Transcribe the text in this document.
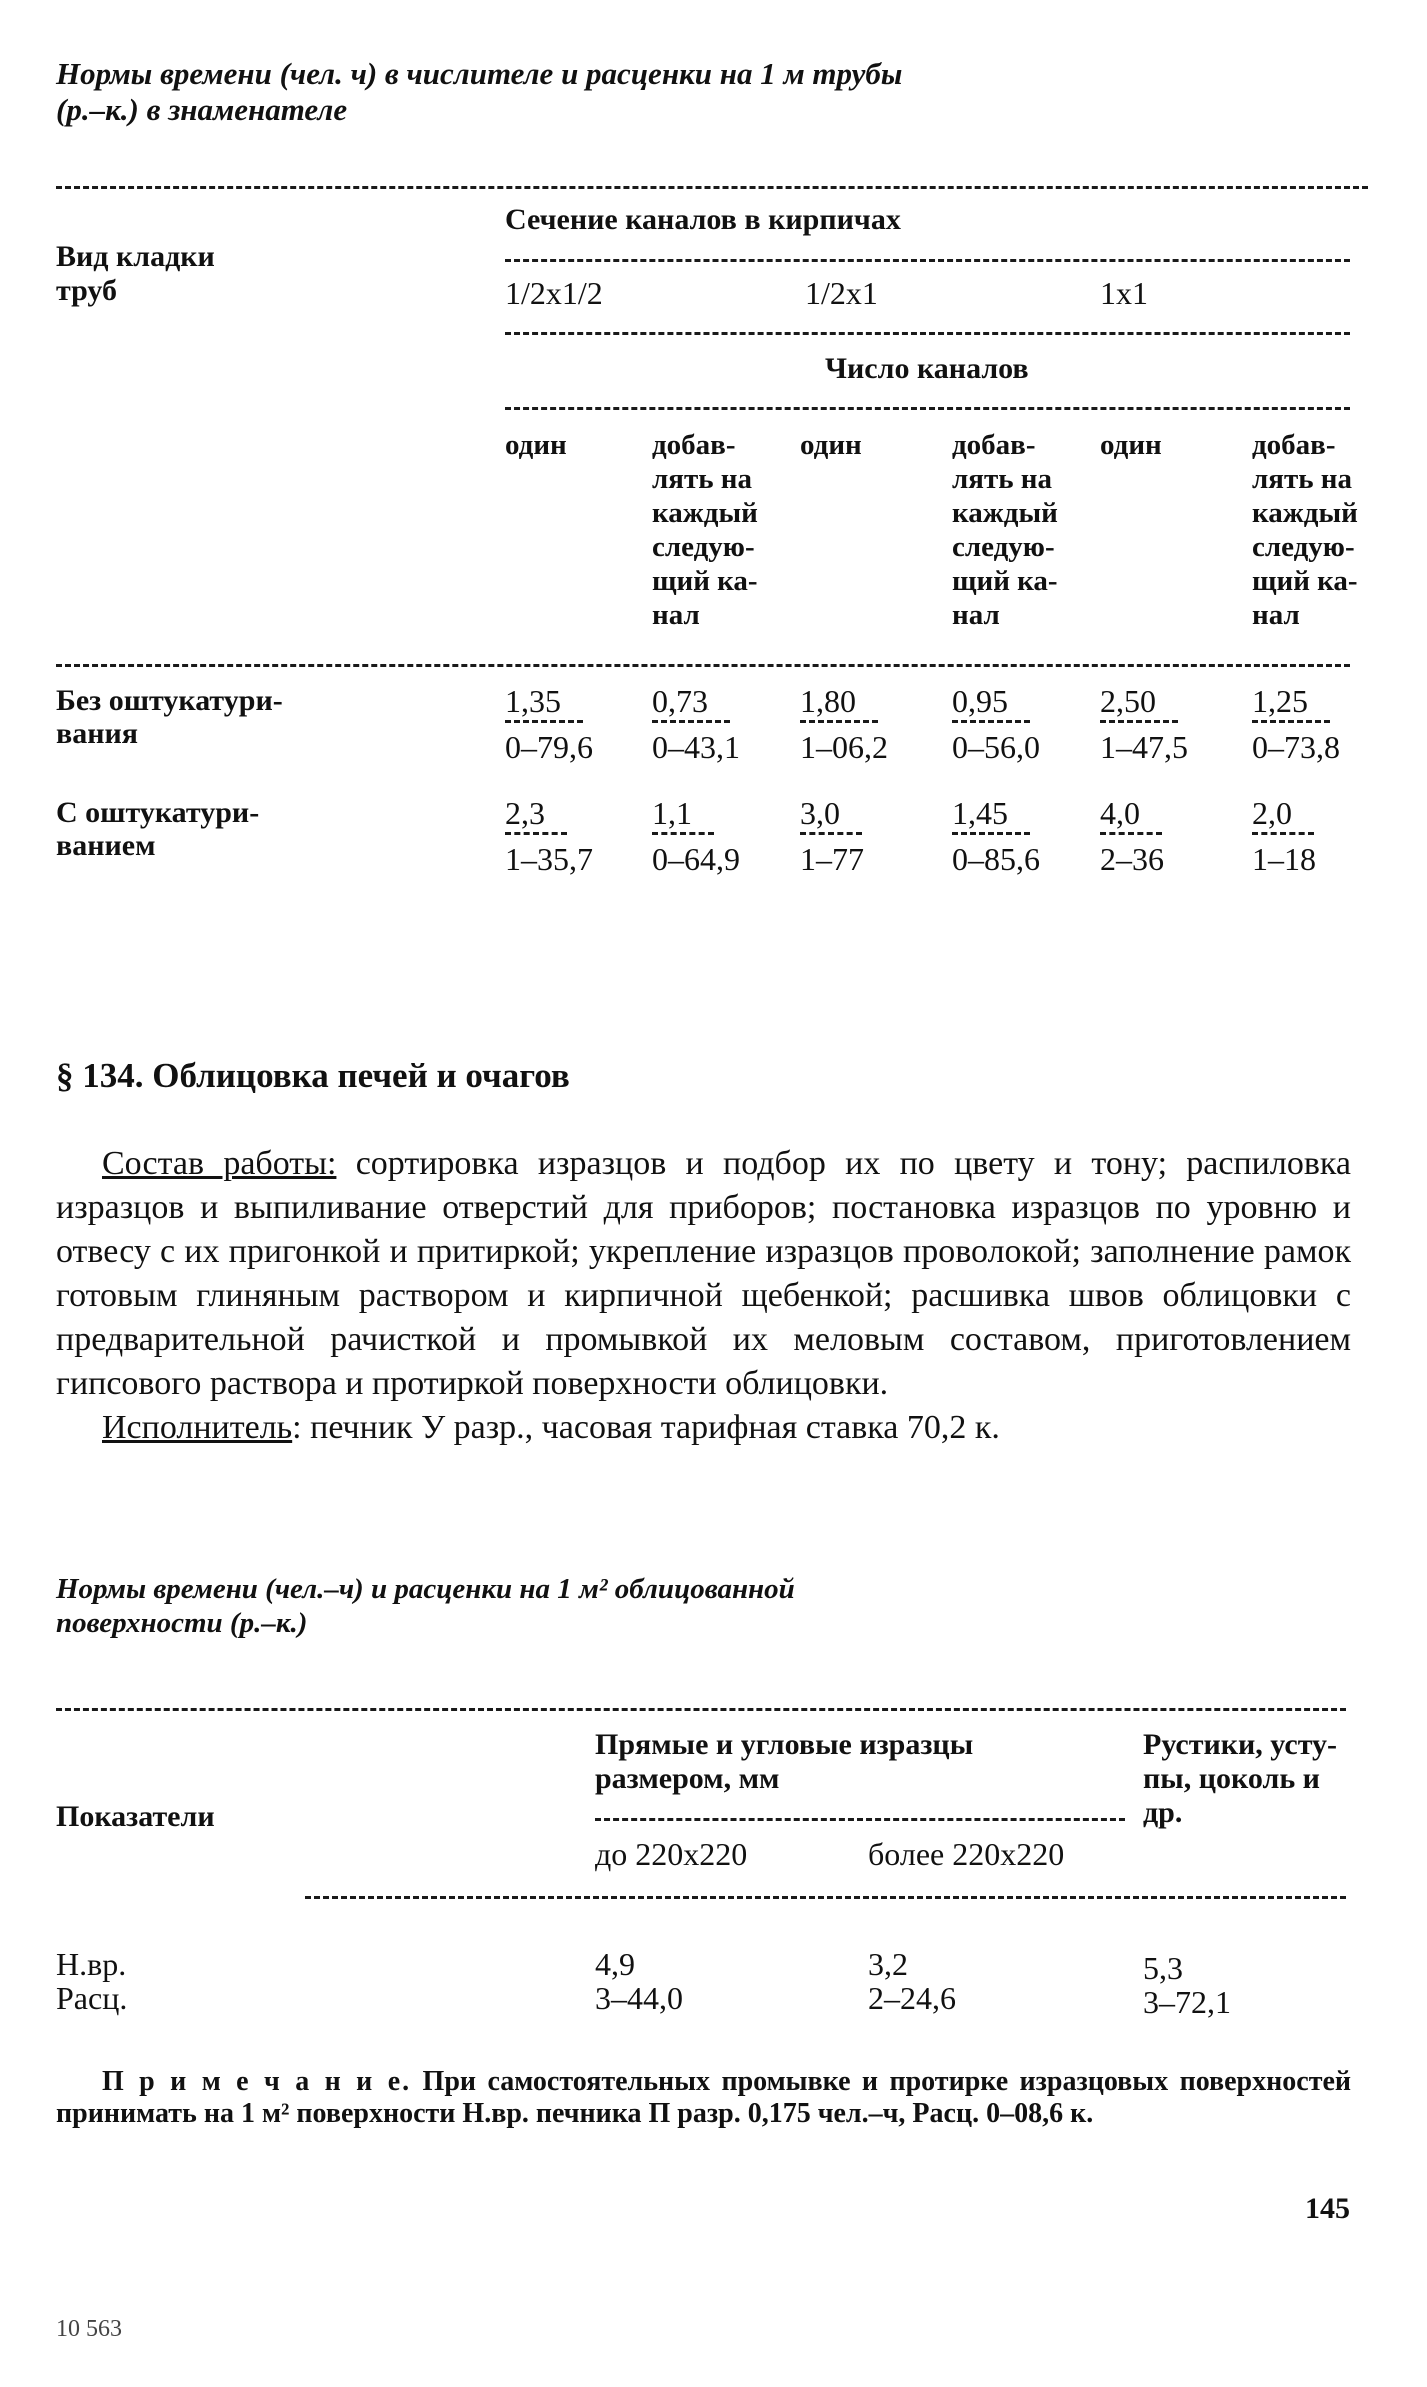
Нормы времени (чел. ч) в числителе и расценки на 1 м трубы
(р.–к.) в знаменателе
Вид кладки
труб
Сечение каналов в кирпичах
1/2x1/2	1/2x1	1x1
Число каналов
один	добав-
лять на
каждый
следую-
щий ка-
нал
один	добав-
лять на
каждый
следую-
щий ка-
нал
один	добав-
лять на
каждый
следую-
щий ка-
нал
Без оштукатури-
вания	$\frac{1,35}{0-79,6} \frac{0,73}{0-43,1} \frac{1,80}{1-06,2} \frac{0,95}{0-56,0} \frac{2,50}{1-47,5} \frac{1,25}{0-73,8}$
С оштукатури-
ванием	$\frac{2,3}{1-35,7} \frac{1,1}{0-64,9} \frac{3,0}{1-77} \frac{1,45}{0-85,6} \frac{4,0}{2-36} \frac{2,0}{1-18}$
§ 134. Облицовка печей и очагов

Состав работы: сортировка изразцов и подбор их по цвету и тону; распиловка изразцов и выпиливание отверстий для приборов; постановка изразцов по уровню и отвесу с их пригонкой и притиркой; укрепление изразцов проволокой; заполнение рамок готовым глиняным раствором и кирпичной щебенкой; расшивка швов облицовки с предварительной рачисткой и промывкой их меловым составом, приготовлением гипсового раствора и протиркой поверхности облицовки.

Исполнитель: печник У разр., часовая тарифная ставка 70,2 к.

Нормы времени (чел.–ч) и расценки на 1 м² облицованной
поверхности (р.–к.)
Показатели
Прямые и угловые изразцы
размером, мм
до 220x220	более 220x220
Рустики, усту-
пы, цоколь и
др.
Н.вр.	4,9	3,2	5,3
Расц.	3–44,0	2–24,6	3–72,1
П р и м е ч а н и е. При самостоятельных промывке и протирке изразцовых поверхностей принимать на 1 м² поверхности Н.вр. печника П разр. 0,175 чел.–ч, Расц. 0–08,6 к.
145
10 563
